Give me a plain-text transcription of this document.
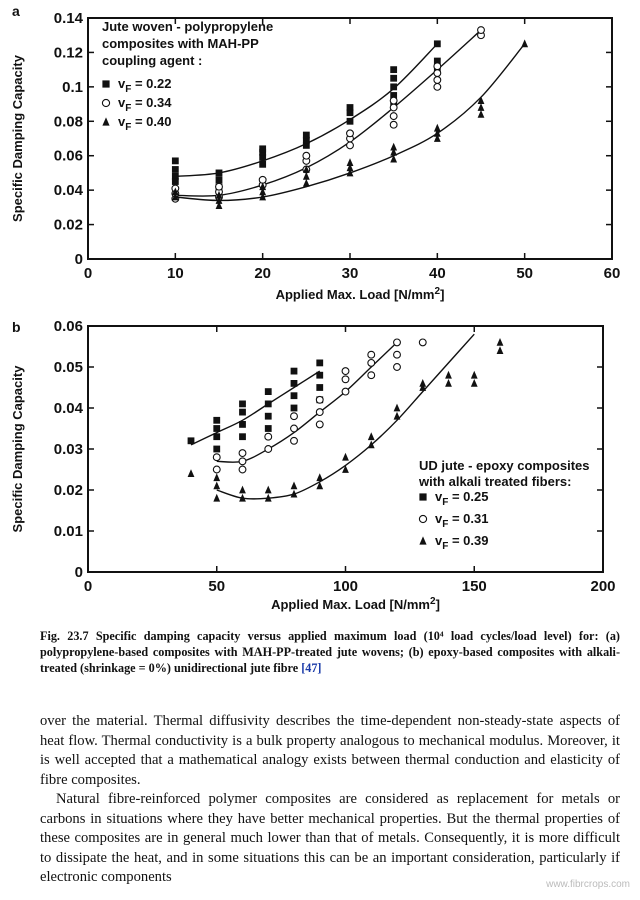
a
0	10	20	30	40	50	60
0
0.02
0.04
0.06
0.08
0.1
0.12
0.14
Applied Max. Load $[N/mm^2]$
Specific Damping Capacity
Jute woven - polypropylene
composites with MAH-PP
coupling agent :
$v_F = 0.22$
$v_F = 0.34$
$v_F = 0.40$
b
0	50	100	150	200
0
0.01
0.02
0.03
0.04
0.05
0.06
Applied Max. Load $[N/mm^2]$
Specific Damping Capacity	UD jute - epoxy composites
with alkali treated fibers:
$v_F = 0.25$
$v_F = 0.31$
$v_F = 0.39$
Fig. 23.7 Specific damping capacity versus applied maximum load (10⁴ load cycles/load level) for: (a) polypropylene-based composites with MAH-PP-treated jute wovens; (b) epoxy-based composites with alkali-treated (shrinkage = 0%) unidirectional jute fibre [47]

over the material. Thermal diffusivity describes the time-dependent non-steady-state aspects of heat flow. Thermal conductivity is a bulk property analogous to mechanical modulus. Moreover, it is well accepted that a mathematical analogy exists between thermal conduction and elasticity of fibre composites.

Natural fibre-reinforced polymer composites are considered as replacement for metals or carbons in situations where they have better mechanical properties. But the thermal properties of these composites are in general much lower than that of metals. Consequently, it is more difficult to dissipate the heat, and in some situations this can be an important consideration, particularly if electronic components	www.fibrcrops.com
